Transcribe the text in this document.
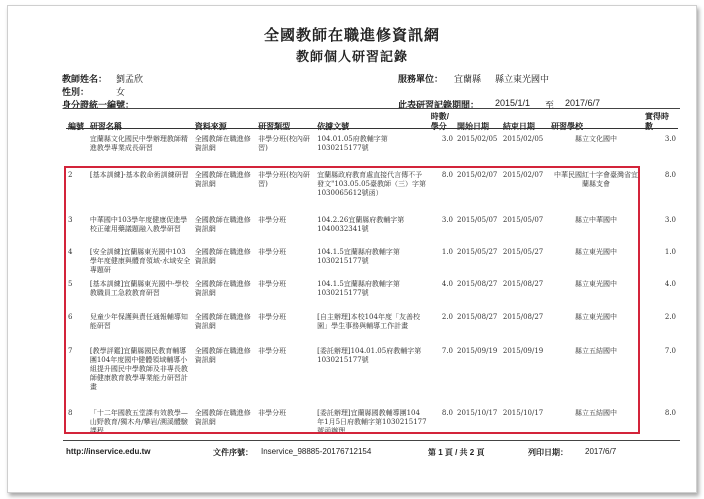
全國教師在職進修資訊網
教師個人研習記錄
教師姓名： 劉孟欣
性別：	女
身分證統一編號：
服務單位： 宜蘭縣 縣立東光國中
此表研習記錄期間： 2015/1/1 至 2017/6/7
編號	研習名稱	資料來源	研習類型	依據文號	時數/學分	開始日期	結束日期	研習學校	實得時數
	宜蘭縣文化國民中學辦理教師精進教學專業成長研習	全國教師在職進修資訊網	非學分班(校內研習)	104.01.05府教輔字第1030215177號	3.0	2015/02/05	2015/02/05	縣立文化國中	3.0
2	[基本訓練]-基本救命術訓練研習	全國教師在職進修資訊網	非學分班(校內研習)	宜蘭縣政府教育處直接代言傳不予發文"103.05.05臺教師（三）字第1030065612號函）	8.0	2015/02/07	2015/02/07	中華民國紅十字會臺灣省宜蘭縣支會	8.0
3	中華國中103學年度健康促進學校正確用藥議題融入教學研習	全國教師在職進修資訊網	非學分班	104.2.26宜蘭縣府教輔字第1040032341號	3.0	2015/05/07	2015/05/07	縣立中華國中	3.0
4	[安全訓練]宜蘭縣東光國中103學年度健康與體育領域-水域安全專題研	全國教師在職進修資訊網	非學分班	104.1.5宜蘭縣府教輔字第1030215177號	1.0	2015/05/27	2015/05/27	縣立東光國中	1.0
5	[基本訓練]宜蘭縣東光國中-學校教職員工急救教育研習	全國教師在職進修資訊網	非學分班	104.1.5宜蘭縣府教輔字第1030215177號	4.0	2015/08/27	2015/08/27	縣立東光國中	4.0
6	兒童少年保護與責任通報輔導知能研習	全國教師在職進修資訊網	非學分班	[自主辦理]本校104年度「友善校園」學生事務與輔導工作計畫	2.0	2015/08/27	2015/08/27	縣立東光國中	2.0
7	[教學評鑑]宜蘭縣國民教育輔導團104年度國中健體領域輔導小組提升國民中學教師及非專長教師健康教育教學專業能力研習計畫	全國教師在職進修資訊網	非學分班	[委託辦理]104.01.05府教輔字第1030215177號	7.0	2015/09/19	2015/09/19	縣立五結國中	7.0
8	「十二年國教五堂課有效教學—山野教育/獨木舟/攀岩/溯溪體驗課程	全國教師在職進修資訊網	非學分班	[委託辦理]宜蘭縣國教輔導團104年1月5日府教輔字第1030215177號函辦理	8.0	2015/10/17	2015/10/17	縣立五結國中	8.0
http://inservice.edu.tw	文件序號： Inservice_98885-20176712154	第 1 頁 / 共 2 頁	列印日期： 2017/6/7
